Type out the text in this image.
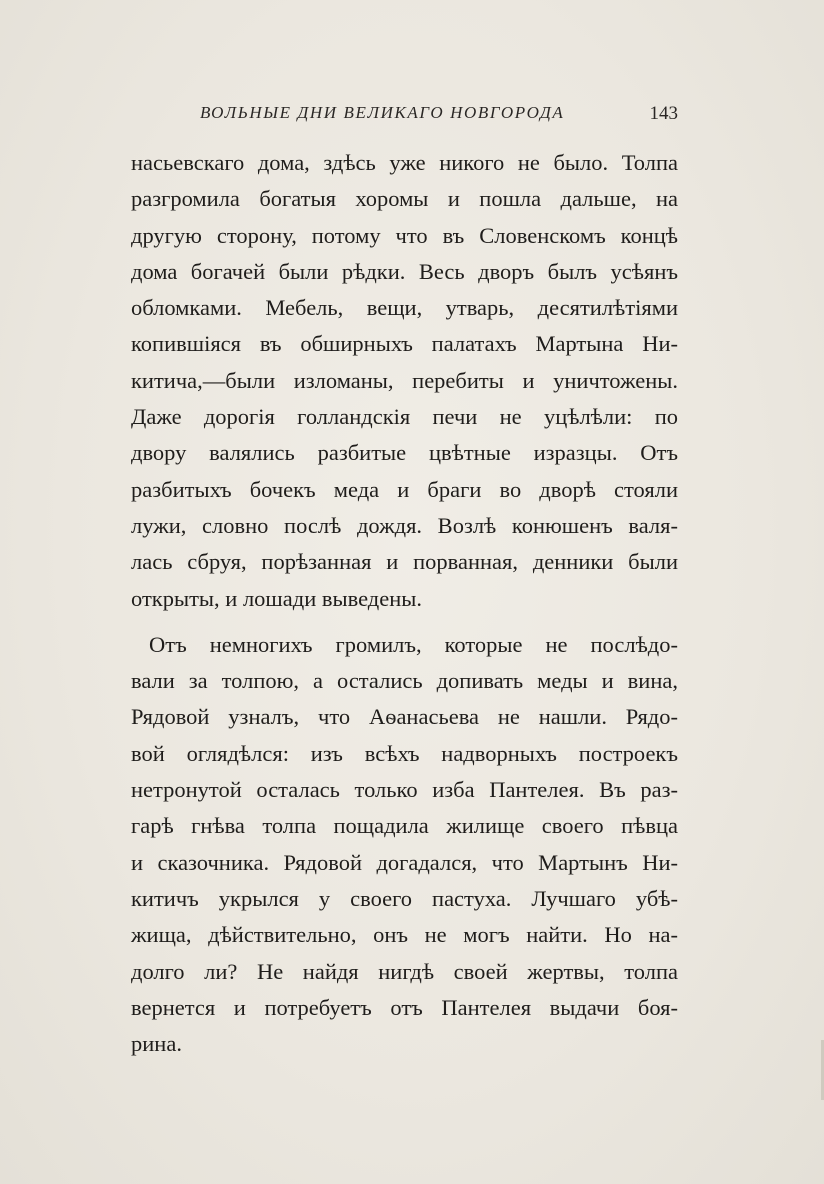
ВОЛЬНЫЕ ДНИ ВЕЛИКАГО НОВГОРОДА	143
насьевскаго дома, здѣсь уже никого не было. Толпа
разгромила богатыя хоромы и пошла дальше, на
другую сторону, потому что въ Словенскомъ концѣ
дома богачей были рѣдки. Весь дворъ былъ усѣянъ
обломками. Мебель, вещи, утварь, десятилѣтіями
копившіяся въ обширныхъ палатахъ Мартына Ни-
китича,—были изломаны, перебиты и уничтожены.
Даже дорогія голландскія печи не уцѣлѣли: по
двору валялись разбитые цвѣтные изразцы. Отъ
разбитыхъ бочекъ меда и браги во дворѣ стояли
лужи, словно послѣ дождя. Возлѣ конюшенъ валя-
лась сбруя, порѣзанная и порванная, денники были
открыты, и лошади выведены.
Отъ немногихъ громилъ, которые не послѣдо-
вали за толпою, а остались допивать меды и вина,
Рядовой узналъ, что Аѳанасьева не нашли. Рядо-
вой оглядѣлся: изъ всѣхъ надворныхъ построекъ
нетронутой осталась только изба Пантелея. Въ раз-
гарѣ гнѣва толпа пощадила жилище своего пѣвца
и сказочника. Рядовой догадался, что Мартынъ Ни-
китичъ укрылся у своего пастуха. Лучшаго убѣ-
жища, дѣйствительно, онъ не могъ найти. Но на-
долго ли? Не найдя нигдѣ своей жертвы, толпа
вернется и потребуетъ отъ Пантелея выдачи боя-
рина.
